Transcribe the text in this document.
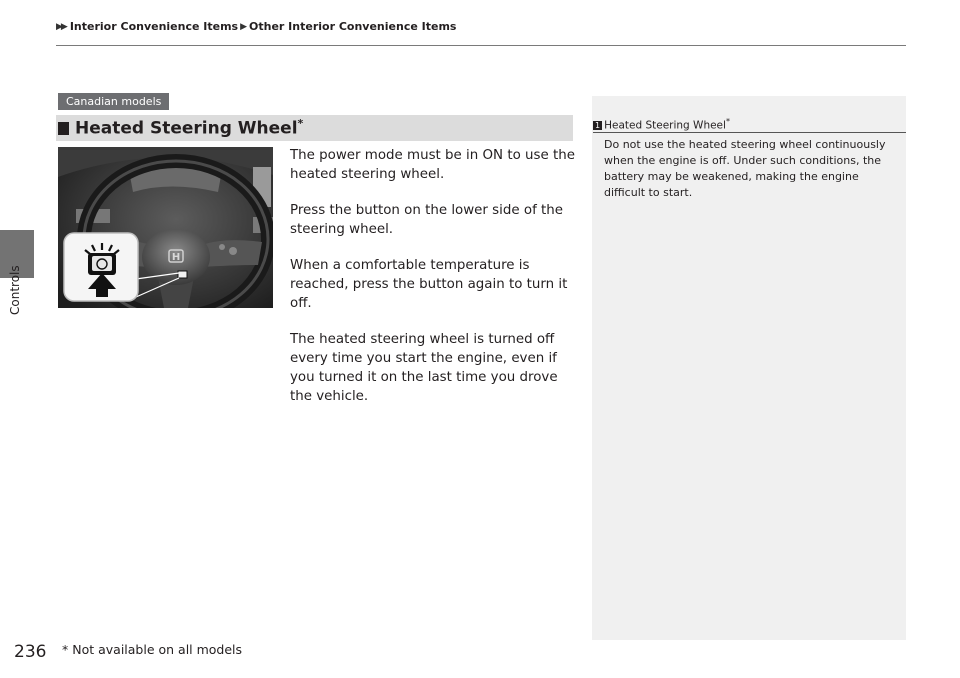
▶▶ Interior Convenience Items ▶ Other Interior Convenience Items
Controls
Canadian models
Heated Steering Wheel*
H

The power mode must be in ON to use the heated steering wheel.

Press the button on the lower side of the steering wheel.

When a comfortable temperature is reached, press the button again to turn it off.

The heated steering wheel is turned off every time you start the engine, even if you turned it on the last time you drove the vehicle.

1 Heated Steering Wheel*
Do not use the heated steering wheel continuously when the engine is off. Under such conditions, the battery may be weakened, making the engine difficult to start.
236 * Not available on all models
